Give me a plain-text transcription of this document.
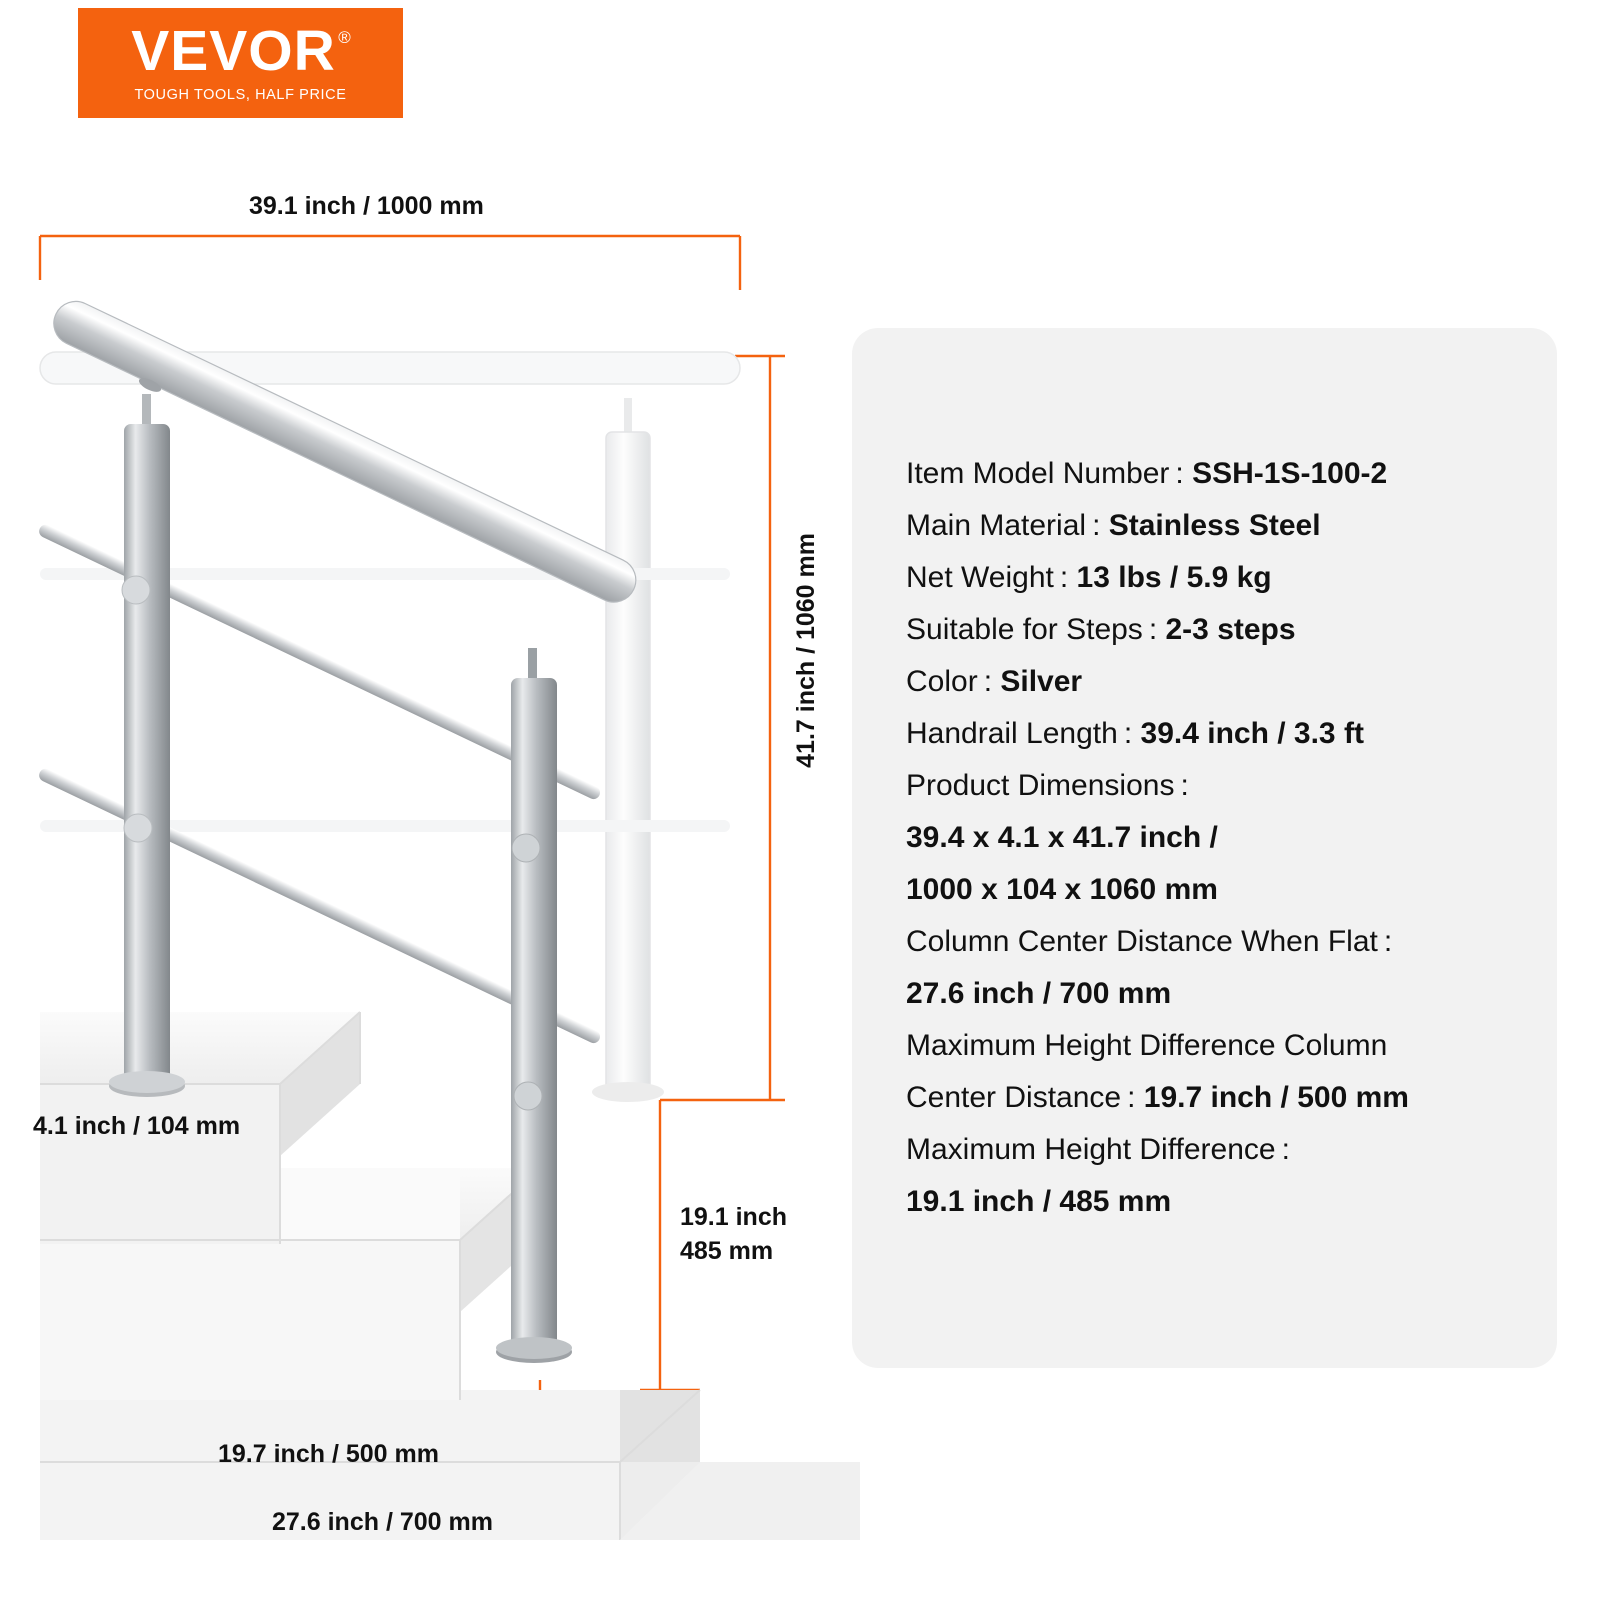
VEVOR ®
TOUGH TOOLS, HALF PRICE
39.1 inch / 1000 mm
41.7 inch / 1060 mm
4.1 inch / 104 mm
19.1 inch
485 mm
19.7 inch / 500 mm
27.6 inch / 700 mm
Item Model Number : SSH-1S-100-2
Main Material : Stainless Steel
Net Weight : 13 lbs / 5.9 kg
Suitable for Steps : 2-3 steps
Color : Silver
Handrail Length : 39.4 inch / 3.3 ft
Product Dimensions :
39.4 x 4.1 x 41.7 inch /
1000 x 104 x 1060 mm
Column Center Distance When Flat :
27.6 inch / 700 mm
Maximum Height Difference Column
Center Distance : 19.7 inch / 500 mm
Maximum Height Difference :
19.1 inch / 485 mm
